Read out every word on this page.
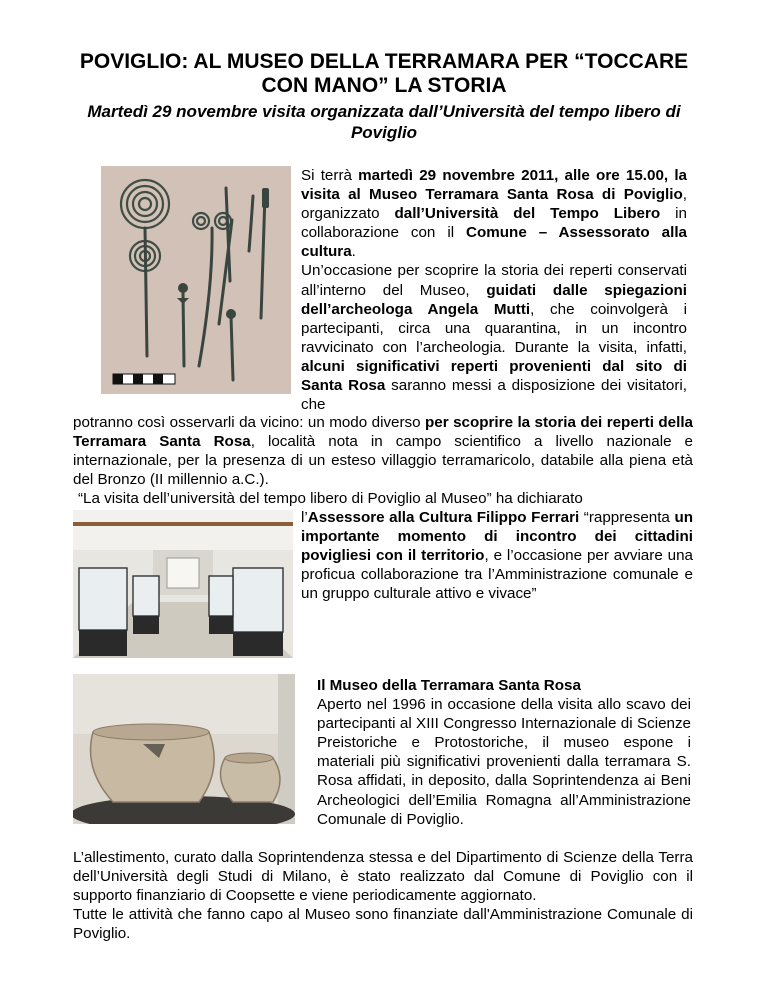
POVIGLIO: AL MUSEO DELLA TERRAMARA PER “TOCCARE CON MANO” LA STORIA
Martedì 29 novembre visita organizzata dall’Università del tempo libero di Poviglio

Si terrà martedì 29 novembre 2011, alle ore 15.00, la visita al Museo Terramara Santa Rosa di Poviglio, organizzato dall’Università del Tempo Libero in collaborazione con il Comune – Assessorato alla cultura.

Un’occasione per scoprire la storia dei reperti conservati all’interno del Museo, guidati dalle spiegazioni dell’archeologa Angela Mutti, che coinvolgerà i partecipanti, circa una quarantina, in un incontro ravvicinato con l’archeologia. Durante la visita, infatti, alcuni significativi reperti provenienti dal sito di Santa Rosa saranno messi a disposizione dei visitatori, che

potranno così osservarli da vicino: un modo diverso per scoprire la storia dei reperti della Terramara Santa Rosa, località nota in campo scientifico a livello nazionale e internazionale, per la presenza di un esteso villaggio terramaricolo, databile alla piena età del Bronzo (II millennio a.C.).

“La visita dell’università del tempo libero di Poviglio al Museo” ha dichiarato

l’Assessore alla Cultura Filippo Ferrari “rappresenta un importante momento di incontro dei cittadini povigliesi con il territorio, e l’occasione per avviare una proficua collaborazione tra l’Amministrazione comunale e un gruppo culturale attivo e vivace”

Il Museo della Terramara Santa Rosa

Aperto nel 1996 in occasione della visita allo scavo dei partecipanti al XIII Congresso Internazionale di Scienze Preistoriche e Protostoriche, il museo espone i materiali più significativi provenienti dalla terramara S. Rosa affidati, in deposito, dalla Soprintendenza ai Beni Archeologici dell’Emilia Romagna all’Amministrazione Comunale di Poviglio.

L’allestimento, curato dalla Soprintendenza stessa e del Dipartimento di Scienze della Terra dell’Università degli Studi di Milano, è stato realizzato dal Comune di Poviglio con il supporto finanziario di Coopsette e viene periodicamente aggiornato.

Tutte le attività che fanno capo al Museo sono finanziate dall'Amministrazione Comunale di Poviglio.
